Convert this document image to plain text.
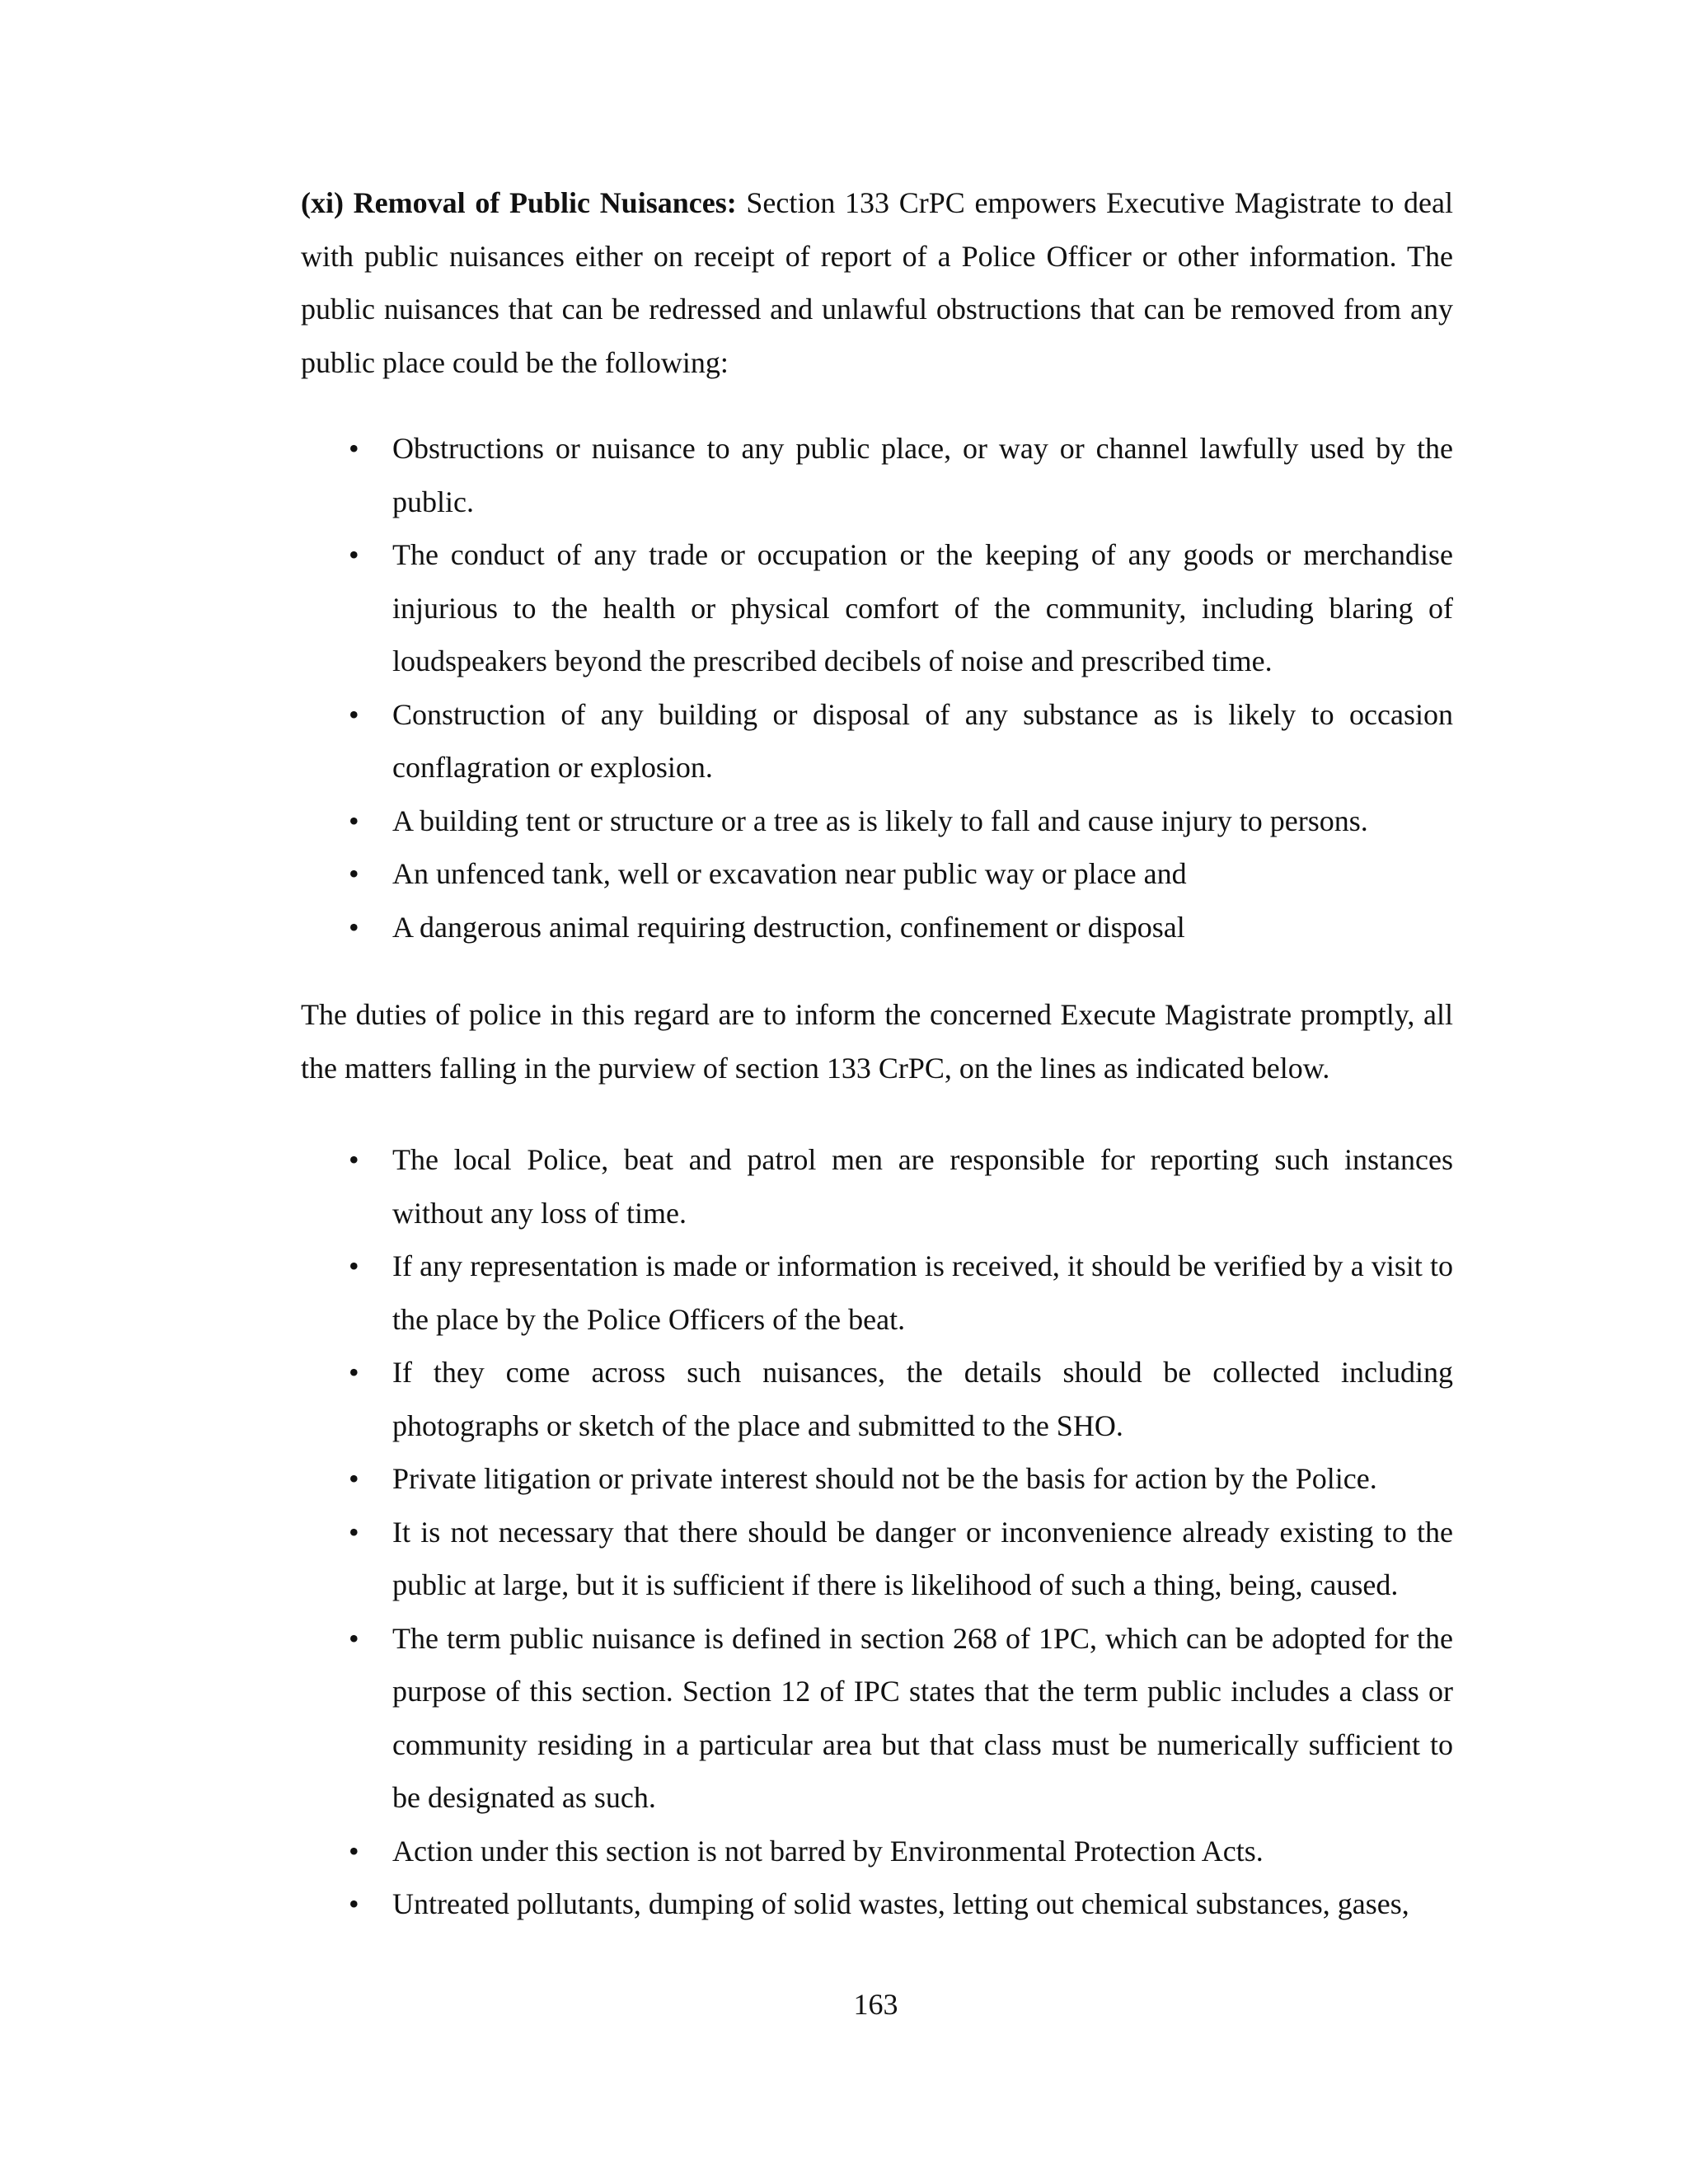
(xi) Removal of Public Nuisances: Section 133 CrPC empowers Executive Magistrate to deal with public nuisances either on receipt of report of a Police Officer or other information. The public nuisances that can be redressed and unlawful obstructions that can be removed from any public place could be the following:

• Obstructions or nuisance to any public place, or way or channel lawfully used by the public.
• The conduct of any trade or occupation or the keeping of any goods or merchandise injurious to the health or physical comfort of the community, including blaring of loudspeakers beyond the prescribed decibels of noise and prescribed time.
• Construction of any building or disposal of any substance as is likely to occasion conflagration or explosion.
• A building tent or structure or a tree as is likely to fall and cause injury to persons.
• An unfenced tank, well or excavation near public way or place and
• A dangerous animal requiring destruction, confinement or disposal

The duties of police in this regard are to inform the concerned Execute Magistrate promptly, all the matters falling in the purview of section 133 CrPC, on the lines as indicated below.

• The local Police, beat and patrol men are responsible for reporting such instances without any loss of time.
• If any representation is made or information is received, it should be verified by a visit to the place by the Police Officers of the beat.
• If they come across such nuisances, the details should be collected including photographs or sketch of the place and submitted to the SHO.
• Private litigation or private interest should not be the basis for action by the Police.
• It is not necessary that there should be danger or inconvenience already existing to the public at large, but it is sufficient if there is likelihood of such a thing, being, caused.
• The term public nuisance is defined in section 268 of 1PC, which can be adopted for the purpose of this section. Section 12 of IPC states that the term public includes a class or community residing in a particular area but that class must be numerically sufficient to be designated as such.
• Action under this section is not barred by Environmental Protection Acts.
• Untreated pollutants, dumping of solid wastes, letting out chemical substances, gases,
163
